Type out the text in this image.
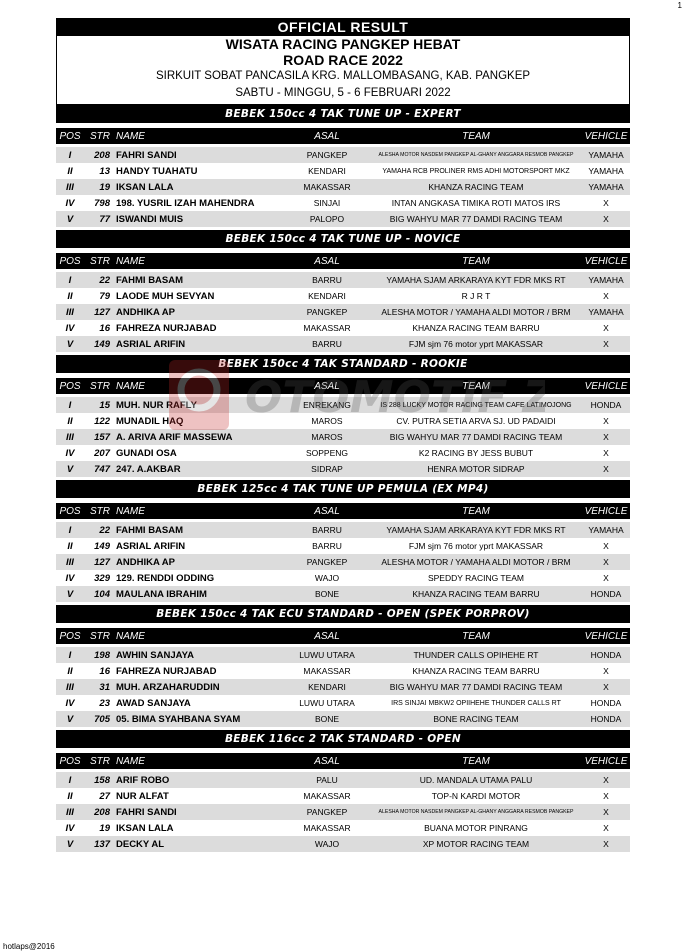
1
OFFICIAL RESULT
WISATA RACING PANGKEP HEBAT
ROAD RACE 2022
SIRKUIT SOBAT PANCASILA KRG. MALLOMBASANG, KAB. PANGKEP
SABTU - MINGGU, 5 - 6 FEBRUARI 2022
BEBEK 150cc 4 TAK TUNE UP - EXPERT
POS STR NAME	ASAL	TEAM	VEHICLE
I	208 FAHRI SANDI	PANGKEP	ALESHA MOTOR NASDEM PANGKEP AL-GHANY ANGGARA RESMOB PANGKEP	YAMAHA
II	13 HANDY TUAHATU	KENDARI	YAMAHA RCB PROLINER RMS ADHI MOTORSPORT MKZ	YAMAHA
III	19 IKSAN LALA	MAKASSAR	KHANZA RACING TEAM	YAMAHA
IV	798 198. YUSRIL IZAH MAHENDRA	SINJAI	INTAN ANGKASA TIMIKA ROTI MATOS IRS	X
V	77 ISWANDI MUIS	PALOPO	BIG WAHYU MAR 77 DAMDI RACING TEAM	X
BEBEK 150cc 4 TAK TUNE UP - NOVICE
POS STR NAME	ASAL	TEAM	VEHICLE
I	22 FAHMI BASAM	BARRU	YAMAHA SJAM ARKARAYA KYT FDR MKS RT	YAMAHA
II	79 LAODE MUH SEVYAN	KENDARI	R J R T	X
III	127 ANDHIKA AP	PANGKEP	ALESHA MOTOR / YAMAHA ALDI MOTOR / BRM	YAMAHA
IV	16 FAHREZA NURJABAD	MAKASSAR	KHANZA RACING TEAM BARRU	X
V	149 ASRIAL ARIFIN	BARRU	FJM sjm 76 motor yprt MAKASSAR	X
BEBEK 150cc 4 TAK STANDARD - ROOKIE
POS STR NAME	ASAL	TEAM	VEHICLE
I	15 MUH. NUR RAFLY	ENREKANG	IS 288 LUCKY MOTOR RACING TEAM CAFE LATIMOJONG	HONDA
II	122 MUNADIL HAQ	MAROS	CV. PUTRA SETIA ARVA SJ. UD PADAIDI	X
III	157 A. ARIVA ARIF MASSEWA	MAROS	BIG WAHYU MAR 77 DAMDI RACING TEAM	X
IV	207 GUNADI OSA	SOPPENG	K2 RACING BY JESS BUBUT	X
V	747 247. A.AKBAR	SIDRAP	HENRA MOTOR SIDRAP	X
BEBEK 125cc 4 TAK TUNE UP PEMULA (EX MP4)
POS STR NAME	ASAL	TEAM	VEHICLE
I	22 FAHMI BASAM	BARRU	YAMAHA SJAM ARKARAYA KYT FDR MKS RT	YAMAHA
II	149 ASRIAL ARIFIN	BARRU	FJM sjm 76 motor yprt MAKASSAR	X
III	127 ANDHIKA AP	PANGKEP	ALESHA MOTOR / YAMAHA ALDI MOTOR / BRM	X
IV	329 129. RENDDI ODDING	WAJO	SPEDDY RACING TEAM	X
V	104 MAULANA IBRAHIM	BONE	KHANZA RACING TEAM BARRU	HONDA
BEBEK 150cc 4 TAK ECU STANDARD - OPEN (SPEK PORPROV)
POS STR NAME	ASAL	TEAM	VEHICLE
I	198 AWHIN SANJAYA	LUWU UTARA	THUNDER CALLS OPIHEHE RT	HONDA
II	16 FAHREZA NURJABAD	MAKASSAR	KHANZA RACING TEAM BARRU	X
III	31 MUH. ARZAHARUDDIN	KENDARI	BIG WAHYU MAR 77 DAMDI RACING TEAM	X
IV	23 AWAD SANJAYA	LUWU UTARA	IRS SINJAI MBKW2 OPIIHEHE THUNDER CALLS RT	HONDA
V	705 05. BIMA SYAHBANA SYAM	BONE	BONE RACING TEAM	HONDA
BEBEK 116cc 2 TAK STANDARD - OPEN
POS STR NAME	ASAL	TEAM	VEHICLE
I	158 ARIF ROBO	PALU	UD. MANDALA UTAMA PALU	X
II	27 NUR ALFAT	MAKASSAR	TOP-N KARDI MOTOR	X
III	208 FAHRI SANDI	PANGKEP	ALESHA MOTOR NASDEM PANGKEP AL-GHANY ANGGARA RESMOB PANGKEP	X
IV	19 IKSAN LALA	MAKASSAR	BUANA MOTOR PINRANG	X
V	137 DECKY AL	WAJO	XP MOTOR RACING TEAM	X
OTOMOTIF
hotlaps@2016
